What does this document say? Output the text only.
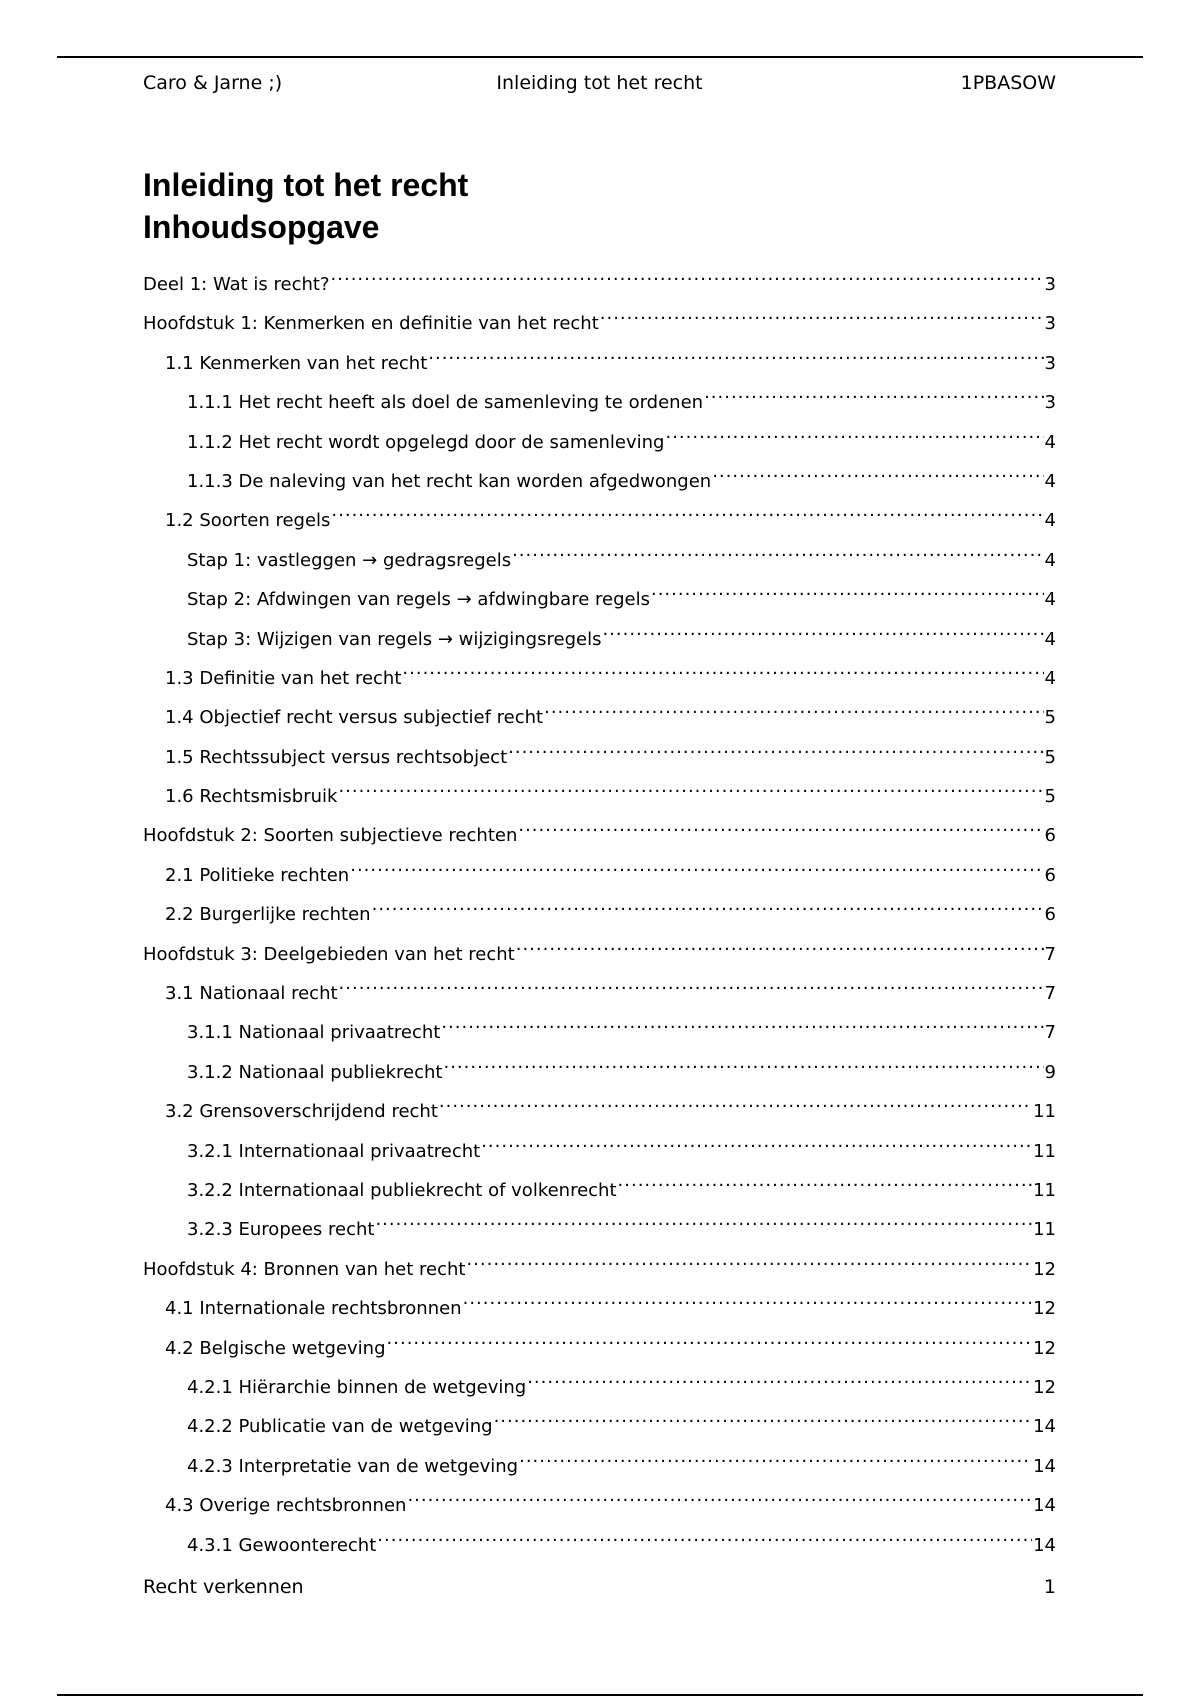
Caro & Jarne ;)	Inleiding tot het recht	1PBASOW
Inleiding tot het recht
Inhoudsopgave
Deel 1: Wat is recht? .....	3
Hoofdstuk 1: Kenmerken en definitie van het recht .....	3
1.1 Kenmerken van het recht .....	3
1.1.1 Het recht heeft als doel de samenleving te ordenen .....	3
1.1.2 Het recht wordt opgelegd door de samenleving .....	4
1.1.3 De naleving van het recht kan worden afgedwongen .....	4
1.2 Soorten regels .....	4
Stap 1: vastleggen → gedragsregels .....	4
Stap 2: Afdwingen van regels → afdwingbare regels .....	4
Stap 3: Wijzigen van regels → wijzigingsregels .....	4
1.3 Definitie van het recht .....	4
1.4 Objectief recht versus subjectief recht .....	5
1.5 Rechtssubject versus rechtsobject .....	5
1.6 Rechtsmisbruik .....	5
Hoofdstuk 2: Soorten subjectieve rechten .....	6
2.1 Politieke rechten .....	6
2.2 Burgerlijke rechten .....	6
Hoofdstuk 3: Deelgebieden van het recht .....	7
3.1 Nationaal recht .....	7
3.1.1 Nationaal privaatrecht .....	7
3.1.2 Nationaal publiekrecht .....	9
3.2 Grensoverschrijdend recht .....	11
3.2.1 Internationaal privaatrecht .....	11
3.2.2 Internationaal publiekrecht of volkenrecht .....	11
3.2.3 Europees recht .....	11
Hoofdstuk 4: Bronnen van het recht .....	12
4.1 Internationale rechtsbronnen .....	12
4.2 Belgische wetgeving .....	12
4.2.1 Hiërarchie binnen de wetgeving .....	12
4.2.2 Publicatie van de wetgeving .....	14
4.2.3 Interpretatie van de wetgeving .....	14
4.3 Overige rechtsbronnen .....	14
4.3.1 Gewoonterecht .....	14
Recht verkennen	1
